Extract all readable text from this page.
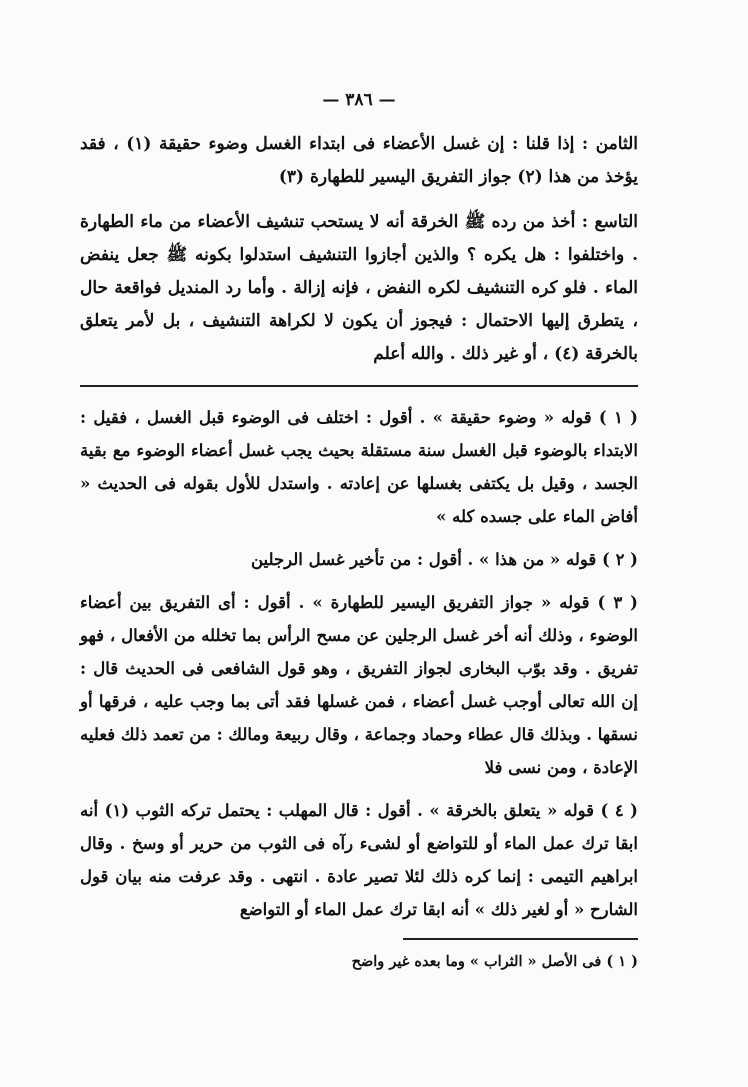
— ٣٨٦ —

الثامن : إذا قلنا : إن غسل الأعضاء فى ابتداء الغسل وضوء حقيقة (١) ، فقد يؤخذ من هذا (٢) جواز التفريق اليسير للطهارة (٣)

التاسع : أخذ من رده ﷺ الخرقة أنه لا يستحب تنشيف الأعضاء من ماء الطهارة . واختلفوا : هل يكره ؟ والذين أجازوا التنشيف استدلوا بكونه ﷺ جعل ينفض الماء . فلو كره التنشيف لكره النفض ، فإنه إزالة . وأما رد المنديل فواقعة حال ، يتطرق إليها الاحتمال : فيجوز أن يكون لا لكراهة التنشيف ، بل لأمر يتعلق بالخرقة (٤) ، أو غير ذلك . والله أعلم

( ١ ) قوله « وضوء حقيقة » . أقول : اختلف فى الوضوء قبل الغسل ، فقيل : الابتداء بالوضوء قبل الغسل سنة مستقلة بحيث يجب غسل أعضاء الوضوء مع بقية الجسد ، وقيل بل يكتفى بغسلها عن إعادته . واستدل للأول بقوله فى الحديث « أفاض الماء على جسده كله »

( ٢ ) قوله « من هذا » . أقول : من تأخير غسل الرجلين

( ٣ ) قوله « جواز التفريق اليسير للطهارة » . أقول : أى التفريق بين أعضاء الوضوء ، وذلك أنه أخر غسل الرجلين عن مسح الرأس بما تخلله من الأفعال ، فهو تفريق . وقد بوّب البخارى لجواز التفريق ، وهو قول الشافعى فى الحديث قال : إن الله تعالى أوجب غسل أعضاء ، فمن غسلها فقد أتى بما وجب عليه ، فرقها أو نسقها . وبذلك قال عطاء وحماد وجماعة ، وقال ربيعة ومالك : من تعمد ذلك فعليه الإعادة ، ومن نسى فلا

( ٤ ) قوله « يتعلق بالخرقة » . أقول : قال المهلب : يحتمل تركه الثوب (١) أنه ابقا ترك عمل الماء أو للتواضع أو لشىء رآه فى الثوب من حرير أو وسخ . وقال ابراهيم التيمى : إنما كره ذلك لئلا تصير عادة . انتهى . وقد عرفت منه بيان قول الشارح « أو لغير ذلك » أنه ابقا ترك عمل الماء أو التواضع

( ١ ) فى الأصل « الثراب » وما بعده غير واضح
